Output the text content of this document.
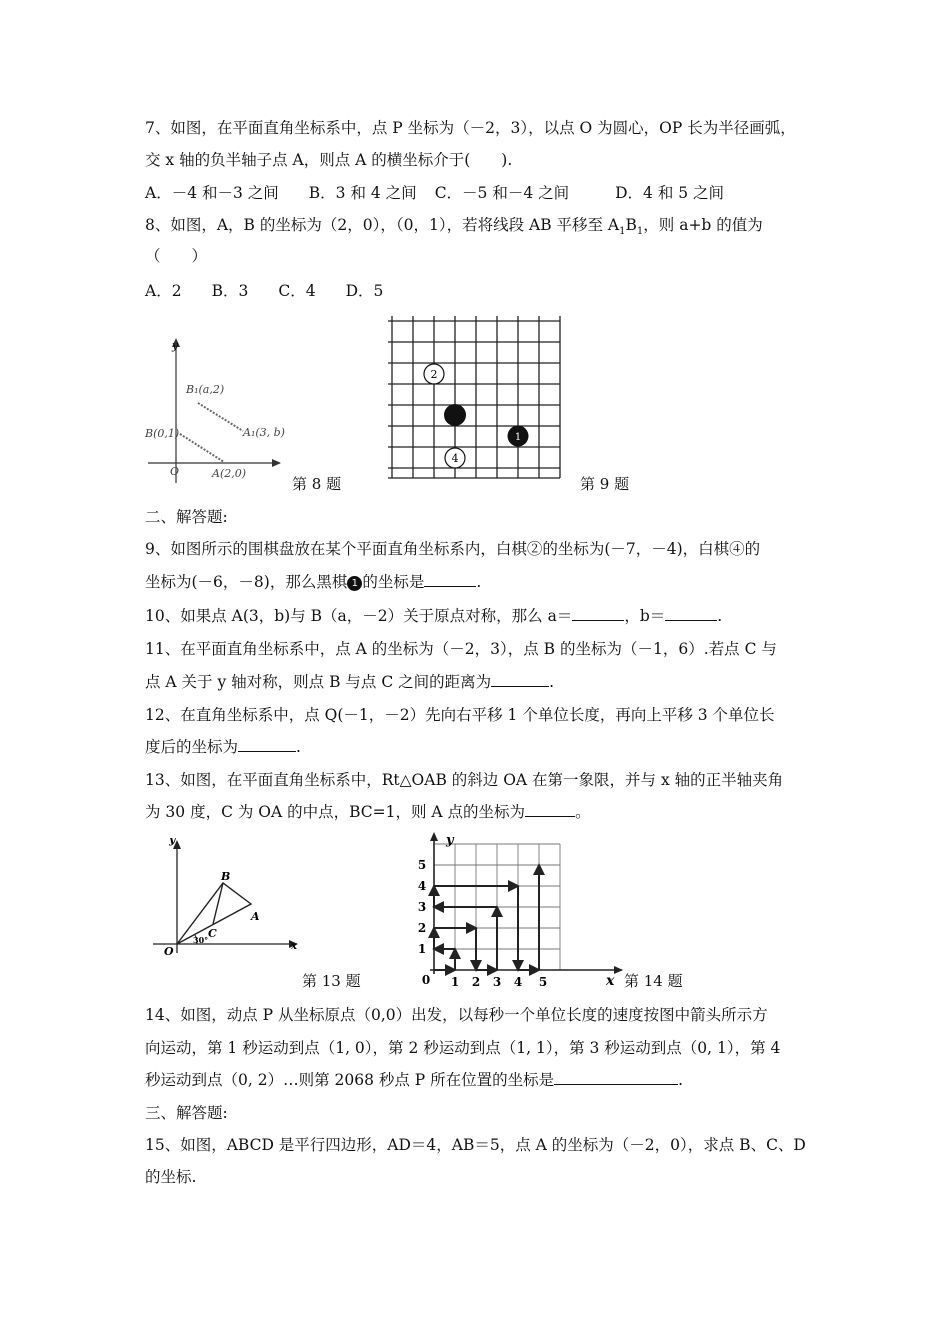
7、如图，在平面直角坐标系中，点 P 坐标为（－2，3），以点 O 为圆心，OP 长为半径画弧，
交 x 轴的负半轴子点 A，则点 A 的横坐标介于(　　).
A．－4 和－3 之间 B．3 和 4 之间 C．－5 和－4 之间	D．4 和 5 之间
8、如图，A，B 的坐标为（2，0），（0，1），若将线段 AB 平移至 $A_1B_1$，则 a+b 的值为
（　　）
A．2 B．3 C．4 D．5
y
B₁(a,2)
A₁(3, b)
B(0,1)
O	A(2,0)
第 8 题
2
1
4
第 9 题
二、解答题:
9、如图所示的围棋盘放在某个平面直角坐标系内，白棋②的坐标为(－7，－4)，白棋④的
坐标为(－6，－8)，那么黑棋 1 的坐标是	.
10、如果点 A(3，b)与 B（a，－2）关于原点对称，那么 a＝	，b＝	.
11、在平面直角坐标系中，点 A 的坐标为（－2，3），点 B 的坐标为（－1，6）.若点 C 与
点 A 关于 y 轴对称，则点 B 与点 C 之间的距离为	.
12、在直角坐标系中，点 Q(－1，－2）先向右平移 1 个单位长度，再向上平移 3 个单位长
度后的坐标为	.
13、如图，在平面直角坐标系中，Rt△OAB 的斜边 OA 在第一象限，并与 x 轴的正半轴夹角
为 30 度，C 为 OA 的中点，BC=1，则 A 点的坐标为	。
y
B
A
C
30°
O	x
第 13 题
y
5
4
3
2
1
0 1 2 3 4 5	x 第 14 题
14、如图，动点 P 从坐标原点（0,0）出发，以每秒一个单位长度的速度按图中箭头所示方
向运动，第 1 秒运动到点（1, 0），第 2 秒运动到点（1, 1），第 3 秒运动到点（0, 1），第 4
秒运动到点（0, 2）…则第 2068 秒点 P 所在位置的坐标是	.
三、解答题:
15、如图，ABCD 是平行四边形，AD＝4，AB＝5，点 A 的坐标为（－2，0），求点 B、C、D
的坐标.
